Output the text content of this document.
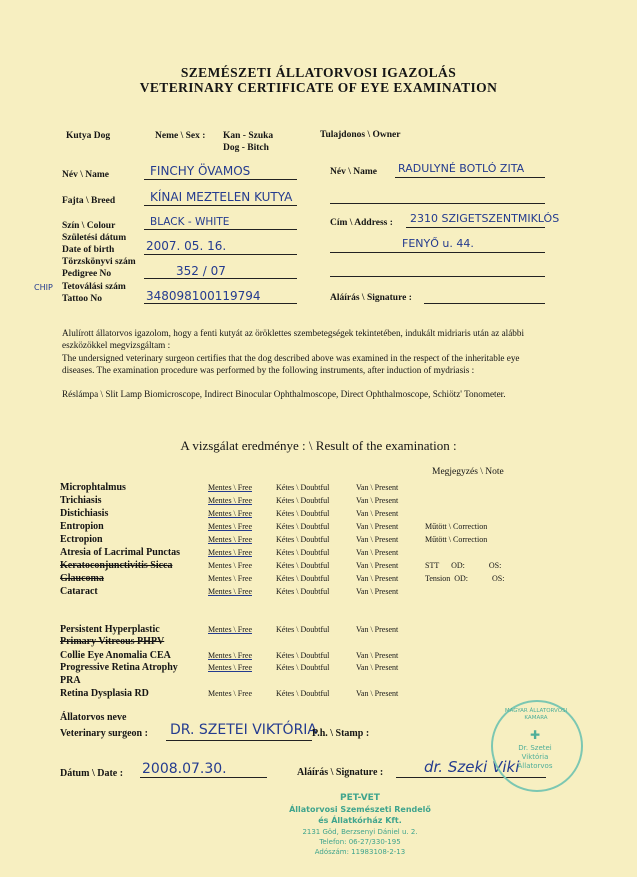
SZEMÉSZETI ÁLLATORVOSI IGAZOLÁS
VETERINARY CERTIFICATE OF EYE EXAMINATION
Kutya Dog	Neme \ Sex : Kan - Szuka
Dog - Bitch
Tulajdonos \ Owner
Név \ Name	FINCHY ÖVAMOS
Fajta \ Breed	KÍNAI MEZTELEN KUTYA
Szín \ Colour	BLACK - WHITE
Születési dátum
Date of birth	2007. 05. 16.
Törzskönyvi szám
Pedigree No	352 / 07
CHIP Tetoválási szám
Tattoo No	348098100119794
Név \ Name RADULYNÉ BOTLÓ ZITA
Cím \ Address : 2310 SZIGETSZENTMIKLÓS
FENYŐ u. 44.
Aláírás \ Signature :
Alulírott állatorvos igazolom, hogy a fenti kutyát az öröklettes szembetegségek tekintetében, indukált midriaris után az alábbi eszközökkel megvizsgáltam :
The undersigned veterinary surgeon certifies that the dog described above was examined in the respect of the inheritable eye diseases. The examination procedure was performed by the following instruments, after induction of mydriasis :
Réslámpa \ Slit Lamp Biomicroscope, Indirect Binocular Ophthalmoscope, Direct Ophthalmoscope, Schiötz' Tonometer.
A vizsgálat eredménye : \ Result of the examination :
Megjegyzés \ Note
Microphtalmus	Mentes \ Free	Kétes \ Doubtful	Van \ Present
Trichiasis	Mentes \ Free	Kétes \ Doubtful	Van \ Present
Distichiasis	Mentes \ Free	Kétes \ Doubtful	Van \ Present
Entropion	Mentes \ Free	Kétes \ Doubtful	Van \ Present	Műtött \ Correction
Ectropion	Mentes \ Free	Kétes \ Doubtful	Van \ Present	Műtött \ Correction
Atresia of Lacrimal Punctas	Mentes \ Free	Kétes \ Doubtful	Van \ Present
Keratoconjunctivitis Sicca	Mentes \ Free	Kétes \ Doubtful	Van \ Present	STT      OD:            OS:
Glaucoma	Mentes \ Free	Kétes \ Doubtful	Van \ Present	Tension  OD:            OS:
Cataract	Mentes \ Free	Kétes \ Doubtful	Van \ Present
Persistent Hyperplastic	Mentes \ Free	Kétes \ Doubtful	Van \ Present
Primary Vitreous PHPV
Collie Eye Anomalia CEA	Mentes \ Free	Kétes \ Doubtful	Van \ Present
Progressive Retina Atrophy	Mentes \ Free	Kétes \ Doubtful	Van \ Present
PRA
Retina Dysplasia RD	Mentes \ Free	Kétes \ Doubtful	Van \ Present
Állatorvos neve
Veterinary surgeon : DR. SZETEI VIKTÓRIA
P.h. \ Stamp :
Dátum \ Date : 2008.07.30.	Aláírás \ Signature :	dr. Szeki Viki
MAGYAR ÁLLATORVOSI KAMARA
✚
Dr. Szetei
Viktória
Állatorvos
PET-VET
Állatorvosi Szemészeti Rendelő
és Állatkórház Kft.
2131 Göd, Berzsenyi Dániel u. 2.
Telefon: 06-27/330-195
Adószám: 11983108-2-13
